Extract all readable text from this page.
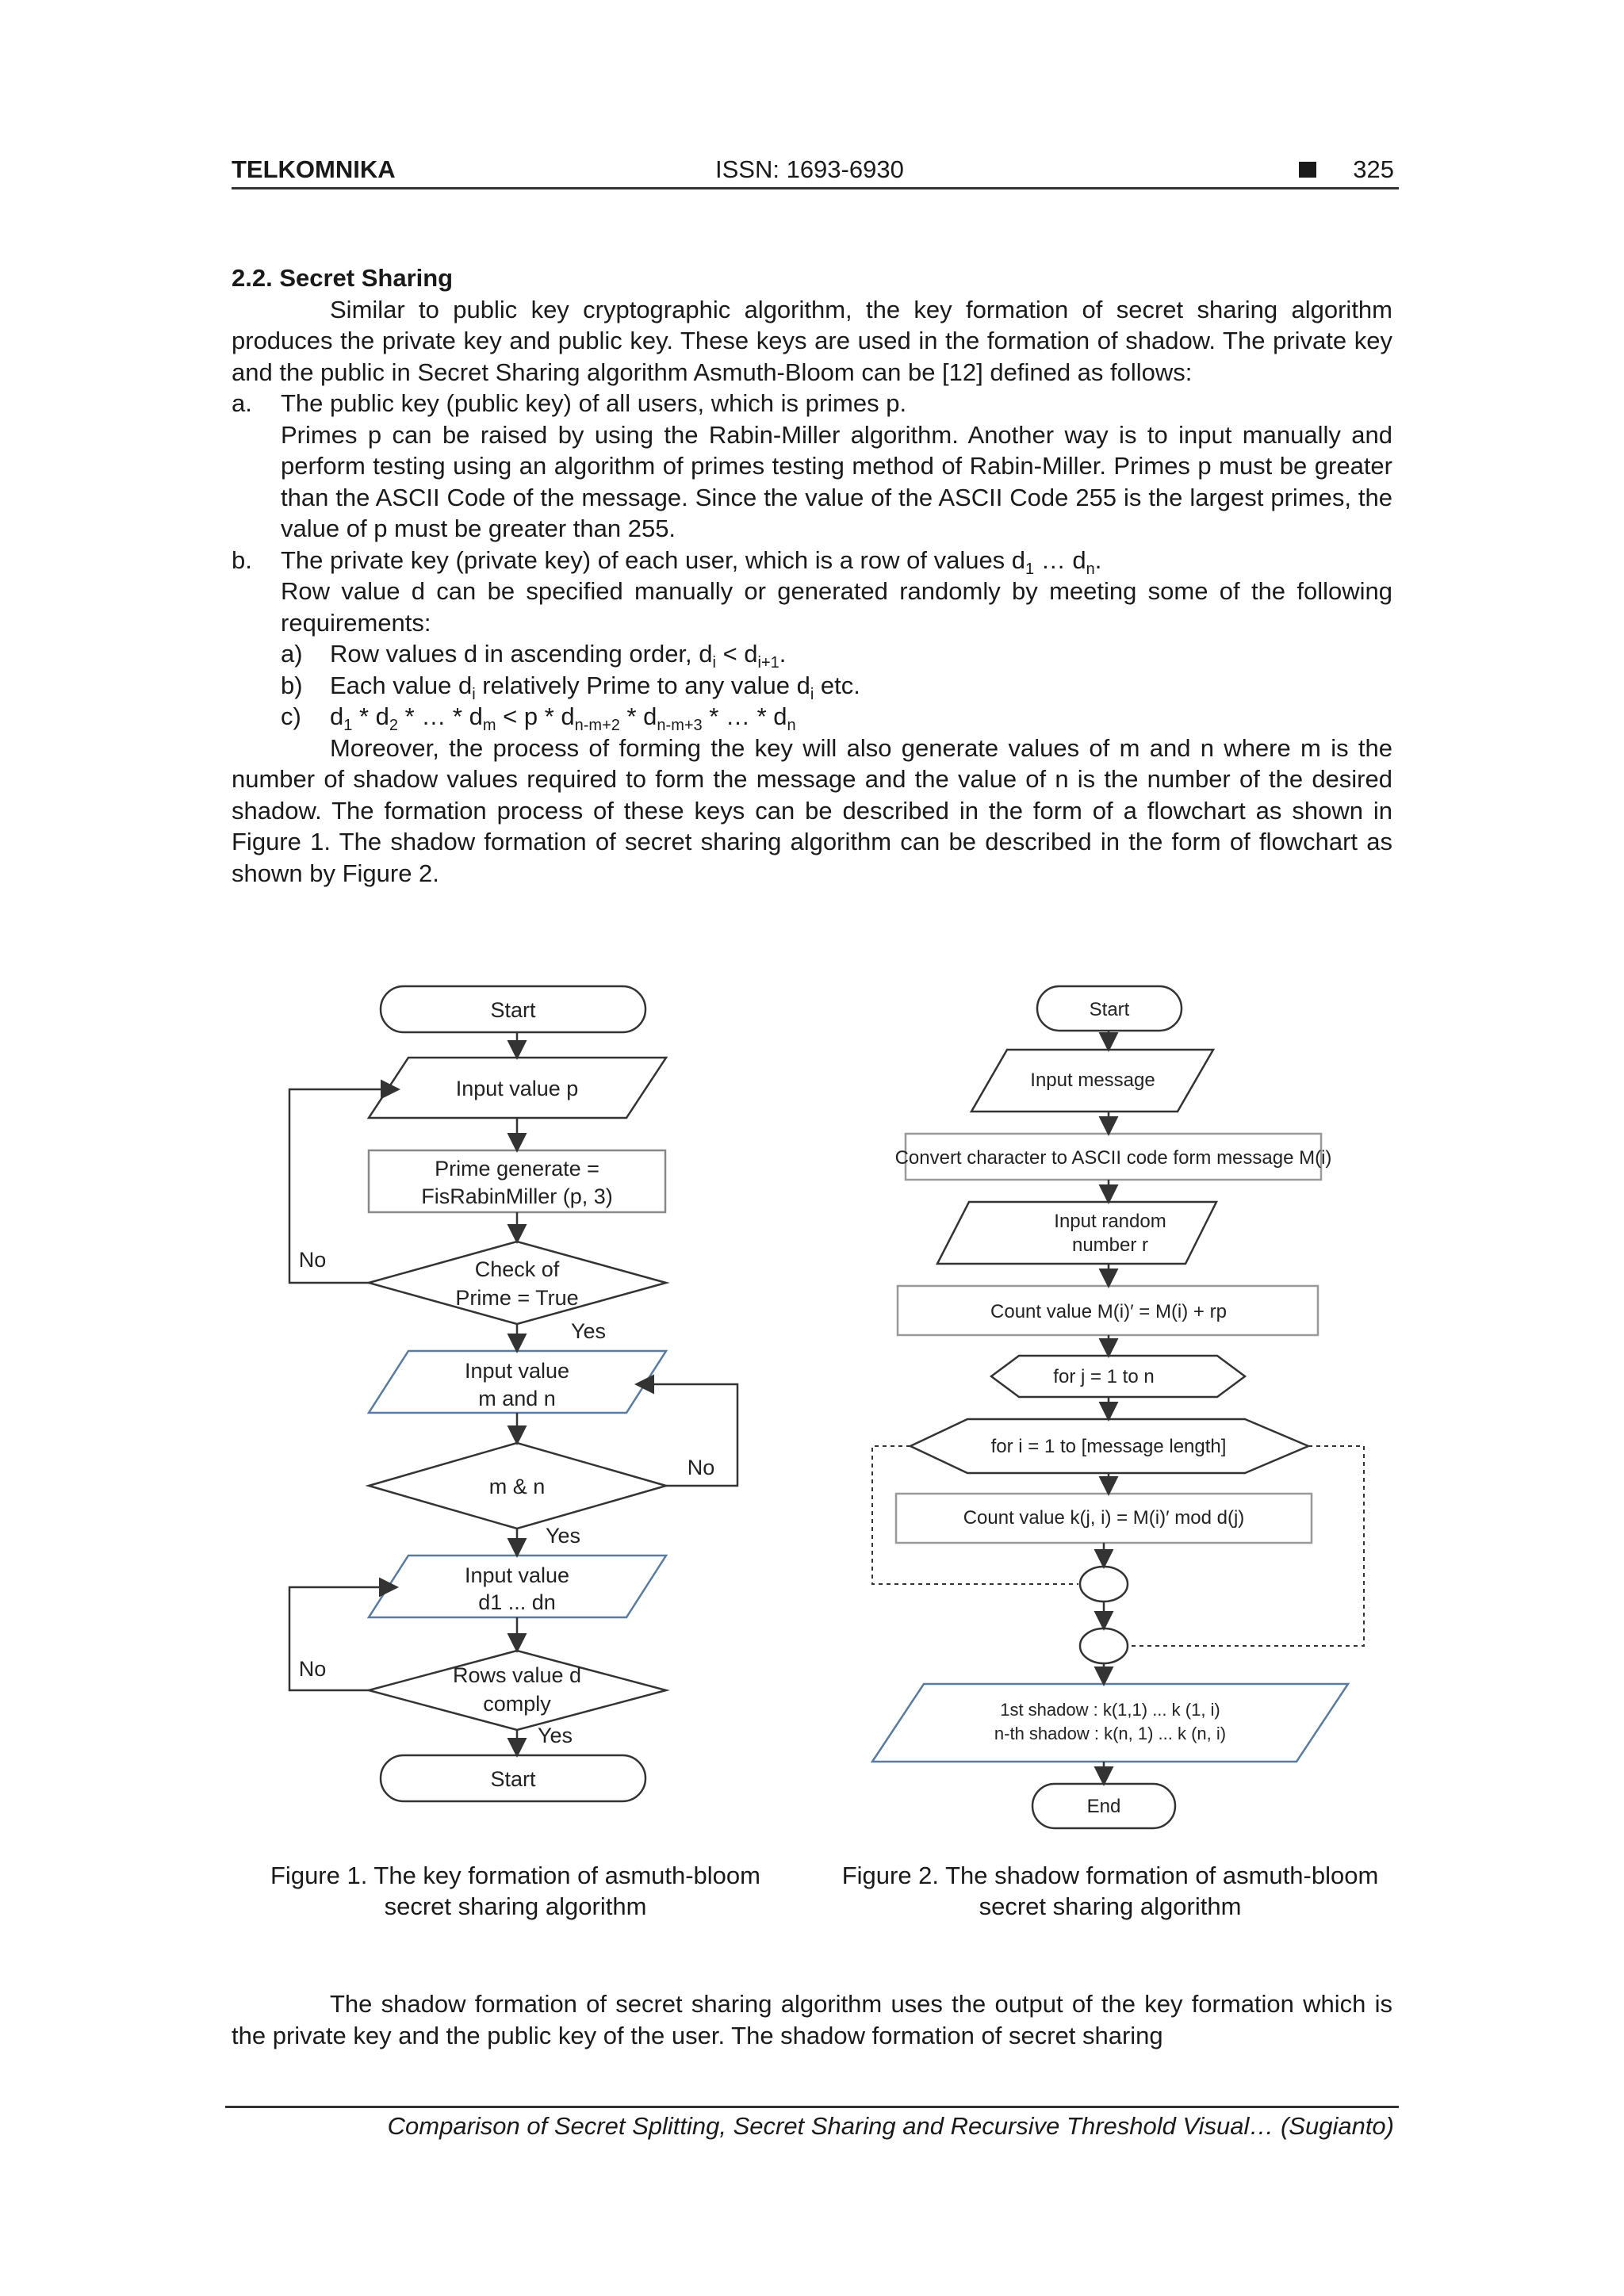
TELKOMNIKA	ISSN: 1693-6930	325

2.2. Secret Sharing

Similar to public key cryptographic algorithm, the key formation of secret sharing algorithm produces the private key and public key. These keys are used in the formation of shadow. The private key and the public in Secret Sharing algorithm Asmuth-Bloom can be [12] defined as follows:

a. The public key (public key) of all users, which is primes p.

Primes p can be raised by using the Rabin-Miller algorithm. Another way is to input manually and perform testing using an algorithm of primes testing method of Rabin-Miller. Primes p must be greater than the ASCII Code of the message. Since the value of the ASCII Code 255 is the largest primes, the value of p must be greater than 255.

b. The private key (private key) of each user, which is a row of values $d_1$ … $d_n$.

Row value d can be specified manually or generated randomly by meeting some of the following requirements:

a) Row values d in ascending order, $d_i < d_{i+1}$.
b) Each value $d_i$ relatively Prime to any value $d_i$ etc.
c) $d_1 * d_2$ * … * $d_m < p * d_{n-m+2} * d_{n-m+3}$ * … * $d_n$

Moreover, the process of forming the key will also generate values of m and n where m is the number of shadow values required to form the message and the value of n is the number of the desired shadow. The formation process of these keys can be described in the form of a flowchart as shown in Figure 1. The shadow formation of secret sharing algorithm can be described in the form of flowchart as shown by Figure 2.

Start
Input value p
Prime generate =
FisRabinMiller (p, 3)
Check of
Prime = True
Input value
m and n
m & n
Input value
d1 ... dn
Rows value d
comply
Start
No
No
No
Yes
Yes
Yes
Figure 1. The key formation of asmuth-bloom secret sharing algorithm
Start
Input message
Convert character to ASCII code form message M(i)
Input random
number r
Count value M(i)′ = M(i) + rp
for j = 1 to n
for i = 1 to [message length]
Count value k(j, i) = M(i)′ mod d(j)
1st shadow : k(1,1) ... k (1, i)
n-th shadow : k(n, 1) ... k (n, i)
End
Figure 2. The shadow formation of asmuth-bloom secret sharing algorithm

The shadow formation of secret sharing algorithm uses the output of the key formation which is the private key and the public key of the user. The shadow formation of secret sharing

Comparison of Secret Splitting, Secret Sharing and Recursive Threshold Visual… (Sugianto)
